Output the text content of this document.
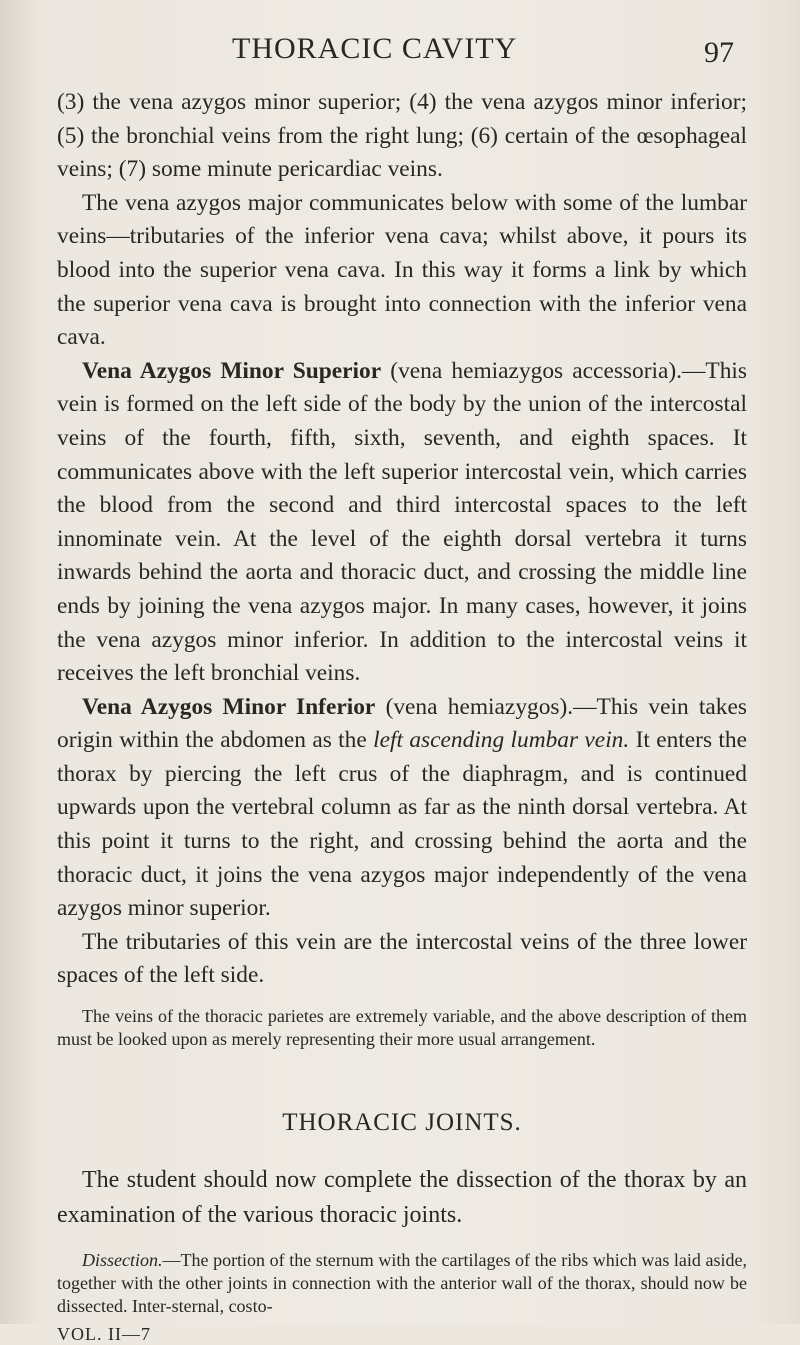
THORACIC CAVITY	97

(3) the vena azygos minor superior; (4) the vena azygos minor inferior; (5) the bronchial veins from the right lung; (6) certain of the œsophageal veins; (7) some minute pericardiac veins.

The vena azygos major communicates below with some of the lumbar veins—tributaries of the inferior vena cava; whilst above, it pours its blood into the superior vena cava. In this way it forms a link by which the superior vena cava is brought into connection with the inferior vena cava.

Vena Azygos Minor Superior (vena hemiazygos accessoria).—This vein is formed on the left side of the body by the union of the intercostal veins of the fourth, fifth, sixth, seventh, and eighth spaces. It communicates above with the left superior intercostal vein, which carries the blood from the second and third intercostal spaces to the left innominate vein. At the level of the eighth dorsal vertebra it turns inwards behind the aorta and thoracic duct, and crossing the middle line ends by joining the vena azygos major. In many cases, however, it joins the vena azygos minor inferior. In addition to the intercostal veins it receives the left bronchial veins.

Vena Azygos Minor Inferior (vena hemiazygos).—This vein takes origin within the abdomen as the left ascending lumbar vein. It enters the thorax by piercing the left crus of the diaphragm, and is continued upwards upon the vertebral column as far as the ninth dorsal vertebra. At this point it turns to the right, and crossing behind the aorta and the thoracic duct, it joins the vena azygos major independently of the vena azygos minor superior.

The tributaries of this vein are the intercostal veins of the three lower spaces of the left side.

The veins of the thoracic parietes are extremely variable, and the above description of them must be looked upon as merely representing their more usual arrangement.

THORACIC JOINTS.

The student should now complete the dissection of the thorax by an examination of the various thoracic joints.

Dissection.—The portion of the sternum with the cartilages of the ribs which was laid aside, together with the other joints in connection with the anterior wall of the thorax, should now be dissected. Inter-sternal, costo-

VOL. II—7
